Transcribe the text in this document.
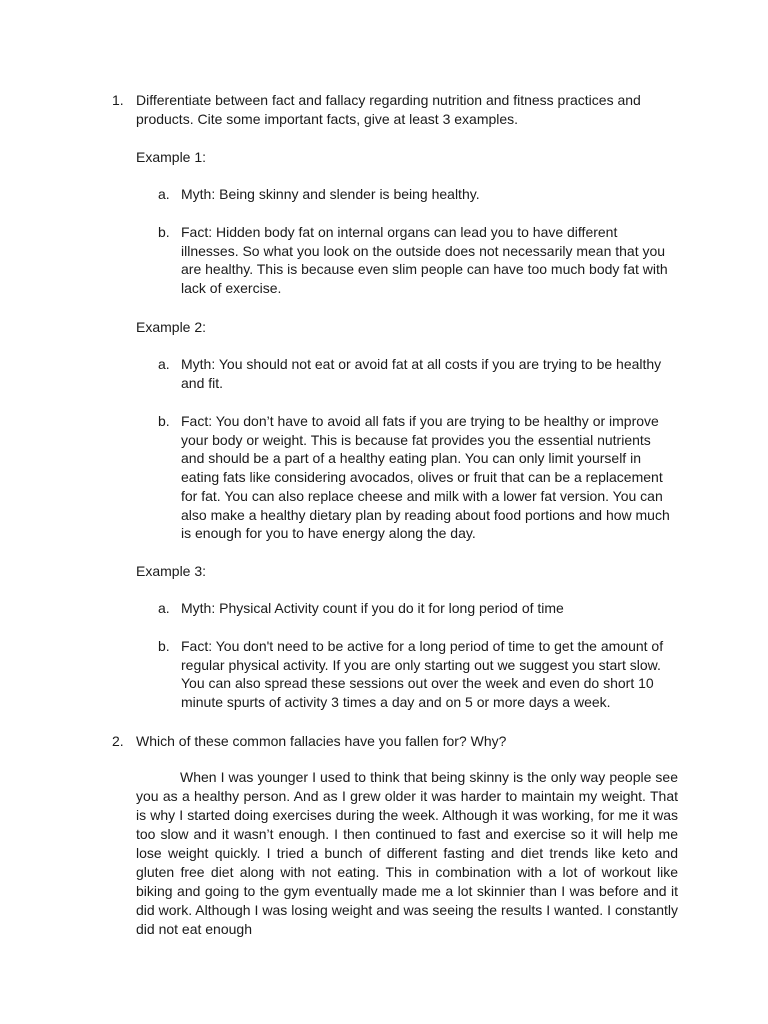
1. Differentiate between fact and fallacy regarding nutrition and fitness practices and products. Cite some important facts, give at least 3 examples.
Example 1:
a. Myth: Being skinny and slender is being healthy.
b. Fact: Hidden body fat on internal organs can lead you to have different illnesses. So what you look on the outside does not necessarily mean that you are healthy. This is because even slim people can have too much body fat with lack of exercise.
Example 2:
a. Myth: You should not eat or avoid fat at all costs if you are trying to be healthy and fit.
b. Fact: You don’t have to avoid all fats if you are trying to be healthy or improve your body or weight. This is because fat provides you the essential nutrients and should be a part of a healthy eating plan. You can only limit yourself in eating fats like considering avocados, olives or fruit that can be a replacement for fat. You can also replace cheese and milk with a lower fat version. You can also make a healthy dietary plan by reading about food portions and how much is enough for you to have energy along the day.
Example 3:
a. Myth: Physical Activity count if you do it for long period of time
b. Fact: You don't need to be active for a long period of time to get the amount of regular physical activity. If you are only starting out we suggest you start slow. You can also spread these sessions out over the week and even do short 10 minute spurts of activity 3 times a day and on 5 or more days a week.
2. Which of these common fallacies have you fallen for? Why?
When I was younger I used to think that being skinny is the only way people see you as a healthy person. And as I grew older it was harder to maintain my weight. That is why I started doing exercises during the week. Although it was working, for me it was too slow and it wasn’t enough. I then continued to fast and exercise so it will help me lose weight quickly. I tried a bunch of different fasting and diet trends like keto and gluten free diet along with not eating. This in combination with a lot of workout like biking and going to the gym eventually made me a lot skinnier than I was before and it did work. Although I was losing weight and was seeing the results I wanted. I constantly did not eat enough
